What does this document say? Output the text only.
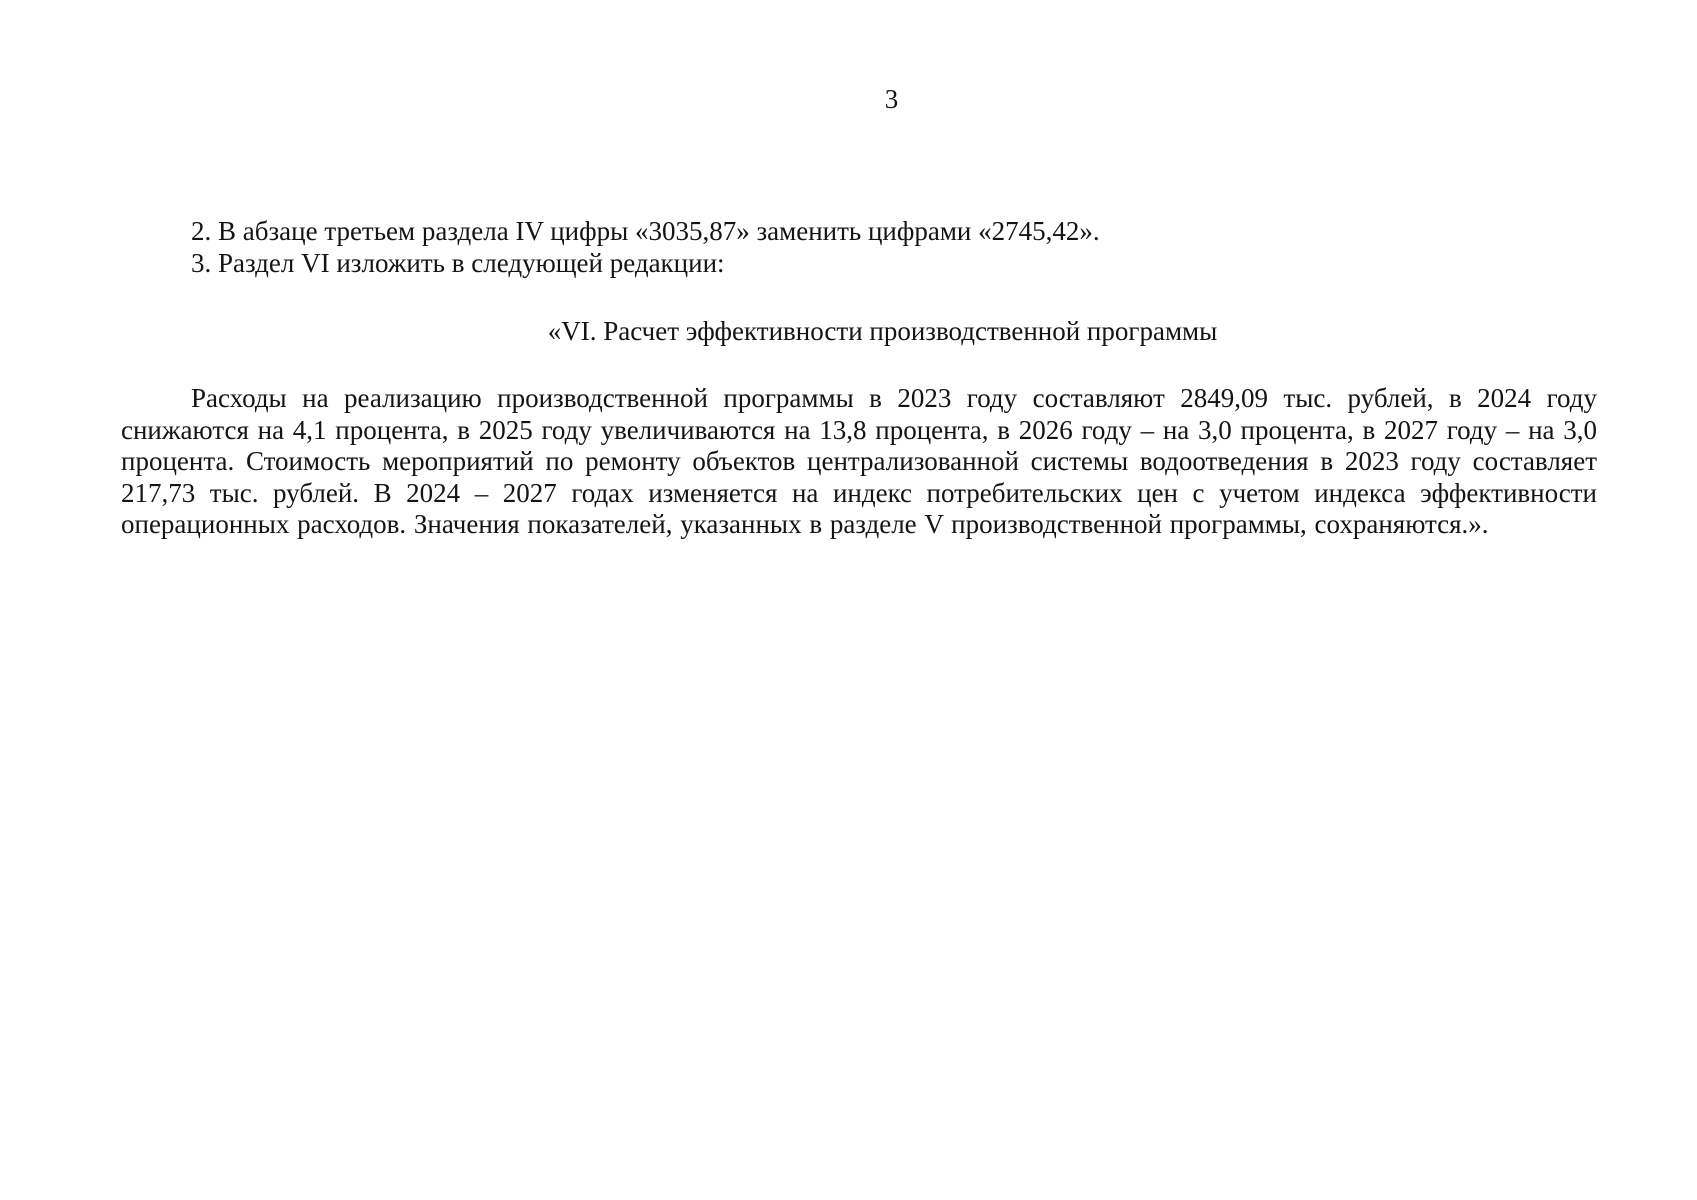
3
2. В абзаце третьем раздела IV цифры «3035,87» заменить цифрами «2745,42».
3. Раздел VI изложить в следующей редакции:
«VI. Расчет эффективности производственной программы

Расходы на реализацию производственной программы в 2023 году составляют 2849,09 тыс. рублей, в 2024 году снижаются на 4,1 процента, в 2025 году увеличиваются на 13,8 процента, в 2026 году – на 3,0 процента, в 2027 году – на 3,0 процента. Стоимость мероприятий по ремонту объектов централизованной системы водоотведения в 2023 году составляет 217,73 тыс. рублей. В 2024 – 2027 годах изменяется на индекс потребительских цен с учетом индекса эффективности операционных расходов. Значения показателей, указанных в разделе V производственной программы, сохраняются.».
